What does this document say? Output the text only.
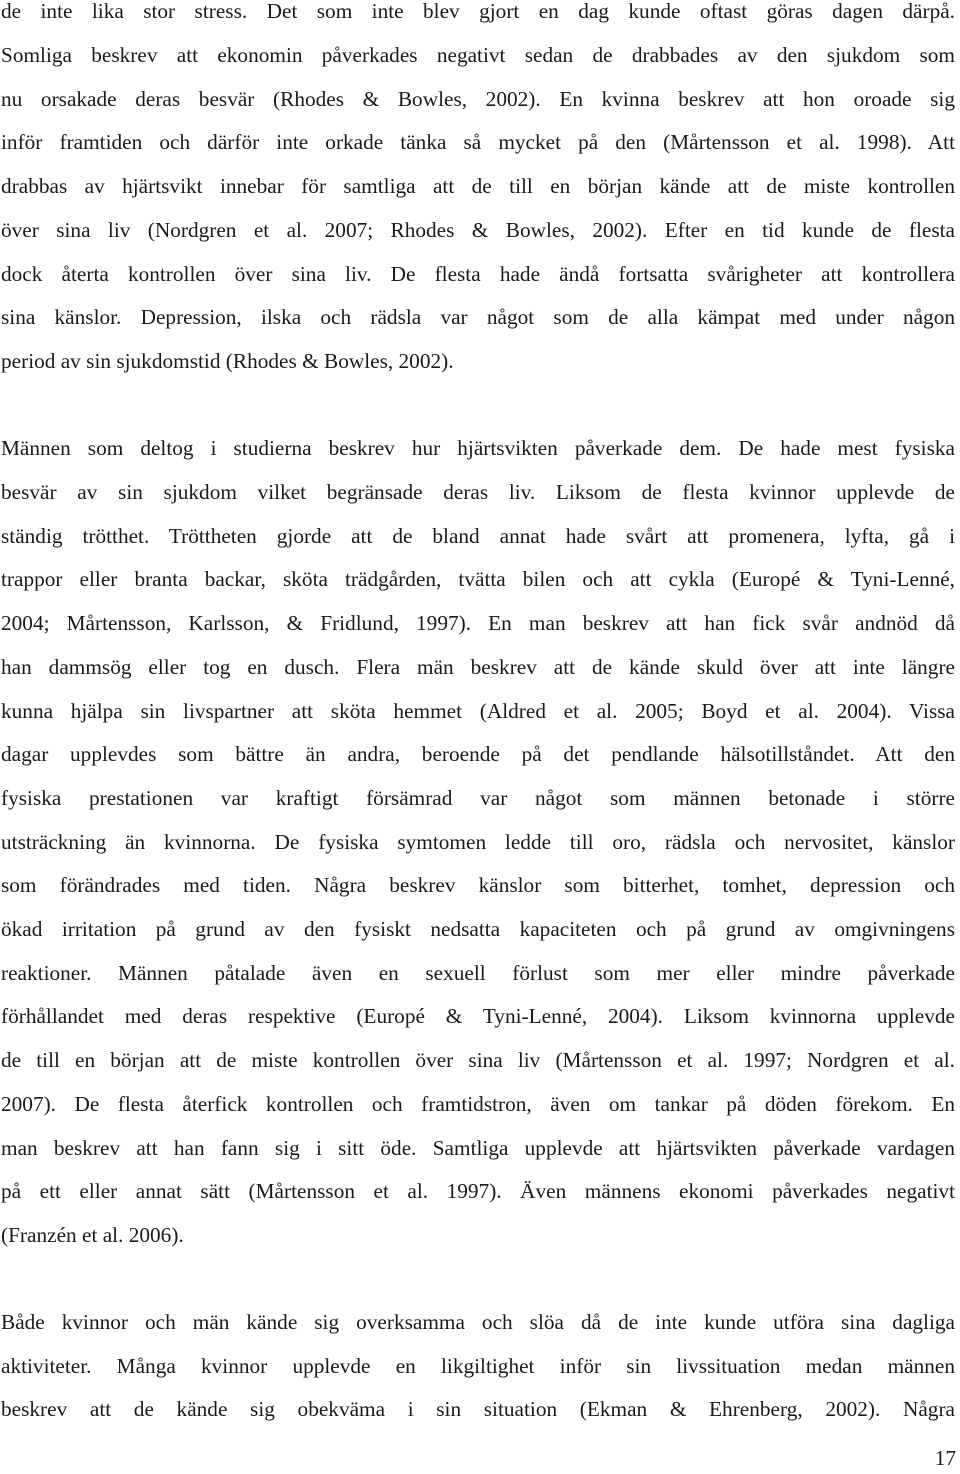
de inte lika stor stress. Det som inte blev gjort en dag kunde oftast göras dagen därpå.
Somliga beskrev att ekonomin påverkades negativt sedan de drabbades av den sjukdom som
nu orsakade deras besvär (Rhodes & Bowles, 2002). En kvinna beskrev att hon oroade sig
inför framtiden och därför inte orkade tänka så mycket på den (Mårtensson et al. 1998). Att
drabbas av hjärtsvikt innebar för samtliga att de till en början kände att de miste kontrollen
över sina liv (Nordgren et al. 2007; Rhodes & Bowles, 2002). Efter en tid kunde de flesta
dock återta kontrollen över sina liv. De flesta hade ändå fortsatta svårigheter att kontrollera
sina känslor. Depression, ilska och rädsla var något som de alla kämpat med under någon
period av sin sjukdomstid (Rhodes & Bowles, 2002).
Männen som deltog i studierna beskrev hur hjärtsvikten påverkade dem. De hade mest fysiska
besvär av sin sjukdom vilket begränsade deras liv. Liksom de flesta kvinnor upplevde de
ständig trötthet. Tröttheten gjorde att de bland annat hade svårt att promenera, lyfta, gå i
trappor eller branta backar, sköta trädgården, tvätta bilen och att cykla (Europé & Tyni-Lenné,
2004; Mårtensson, Karlsson, & Fridlund, 1997). En man beskrev att han fick svår andnöd då
han dammsög eller tog en dusch. Flera män beskrev att de kände skuld över att inte längre
kunna hjälpa sin livspartner att sköta hemmet (Aldred et al. 2005; Boyd et al. 2004). Vissa
dagar upplevdes som bättre än andra, beroende på det pendlande hälsotillståndet. Att den
fysiska prestationen var kraftigt försämrad var något som männen betonade i större
utsträckning än kvinnorna. De fysiska symtomen ledde till oro, rädsla och nervositet, känslor
som förändrades med tiden. Några beskrev känslor som bitterhet, tomhet, depression och
ökad irritation på grund av den fysiskt nedsatta kapaciteten och på grund av omgivningens
reaktioner. Männen påtalade även en sexuell förlust som mer eller mindre påverkade
förhållandet med deras respektive (Europé & Tyni-Lenné, 2004). Liksom kvinnorna upplevde
de till en början att de miste kontrollen över sina liv (Mårtensson et al. 1997; Nordgren et al.
2007). De flesta återfick kontrollen och framtidstron, även om tankar på döden förekom. En
man beskrev att han fann sig i sitt öde. Samtliga upplevde att hjärtsvikten påverkade vardagen
på ett eller annat sätt (Mårtensson et al. 1997). Även männens ekonomi påverkades negativt
(Franzén et al. 2006).
Både kvinnor och män kände sig overksamma och slöa då de inte kunde utföra sina dagliga
aktiviteter. Många kvinnor upplevde en likgiltighet inför sin livssituation medan männen
beskrev att de kände sig obekväma i sin situation (Ekman & Ehrenberg, 2002). Några
17
